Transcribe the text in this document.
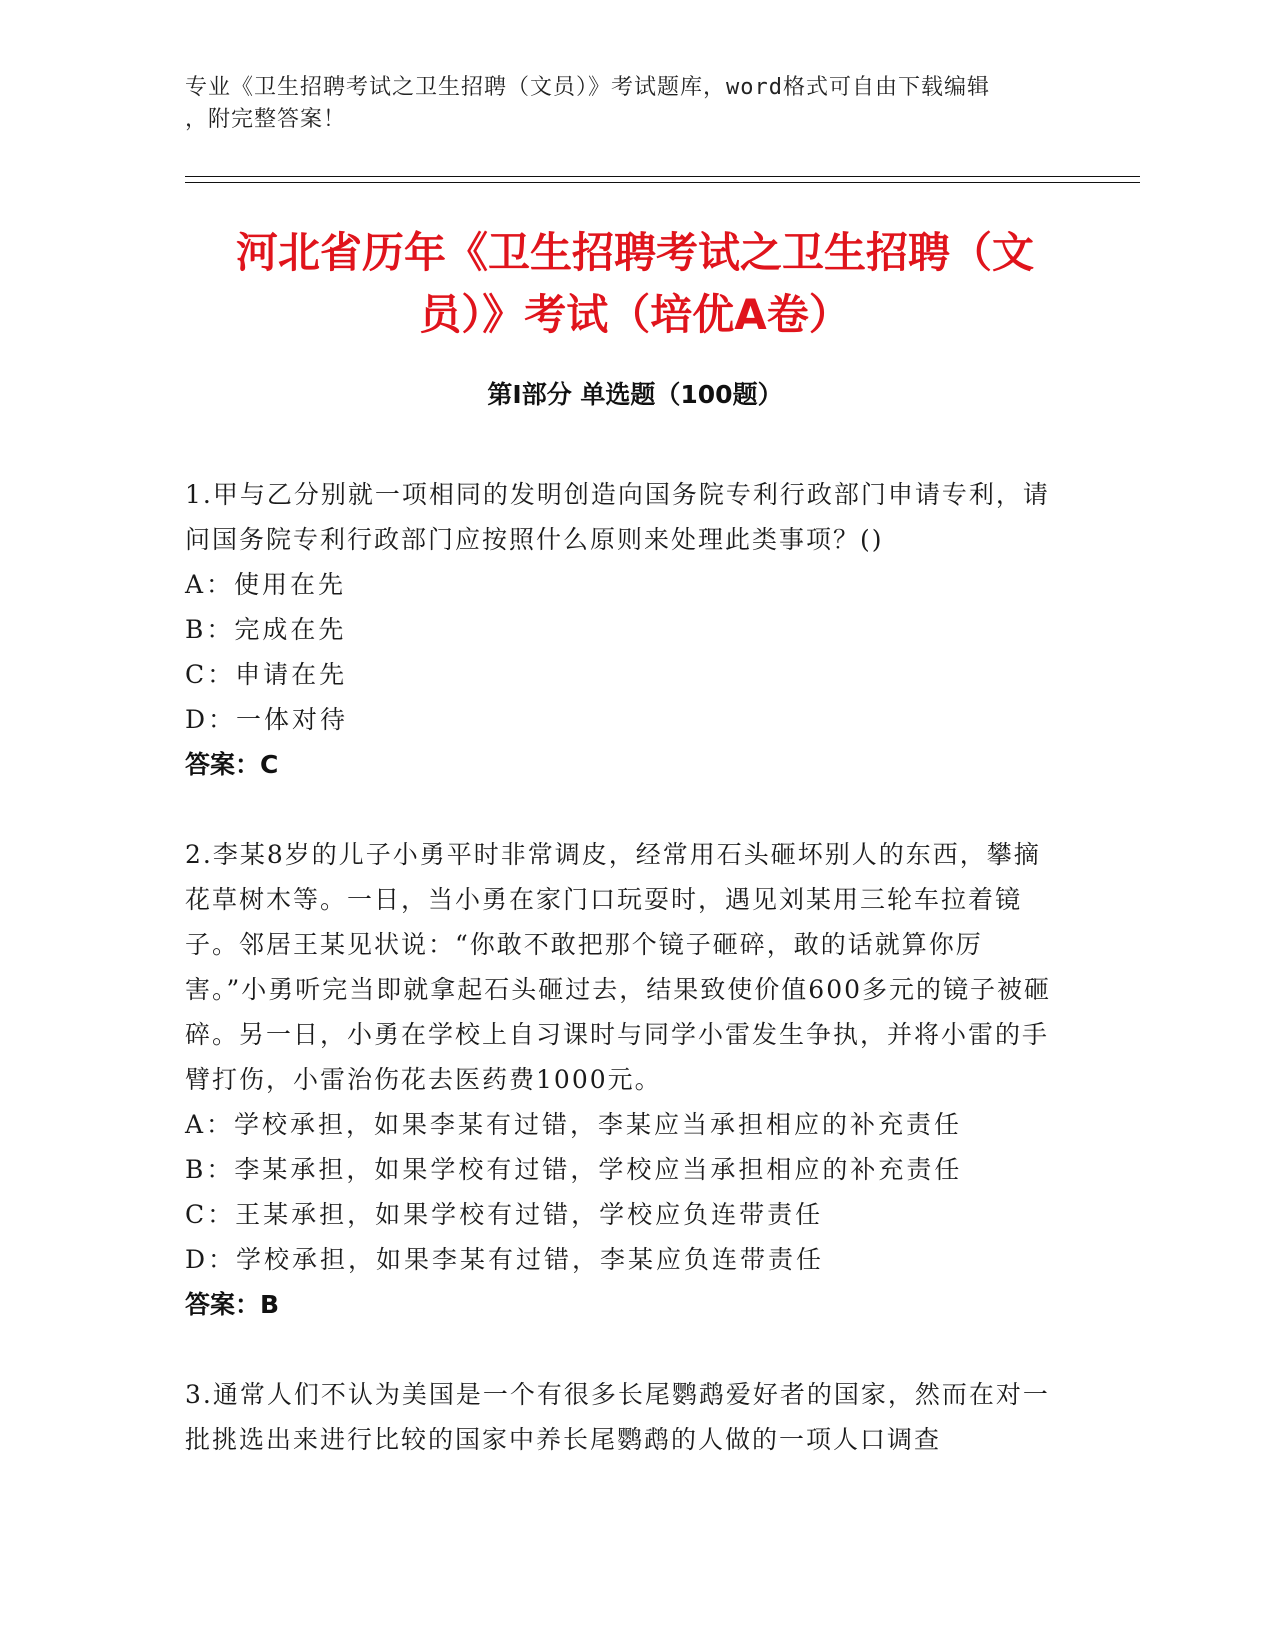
专业《卫生招聘考试之卫生招聘（文员）》考试题库，word格式可自由下载编辑
，附完整答案！
河北省历年《卫生招聘考试之卫生招聘（文
员）》考试（培优A卷）
第Ⅰ部分 单选题（100题）
1.甲与乙分别就一项相同的发明创造向国务院专利行政部门申请专利，请问国务院专利行政部门应按照什么原则来处理此类事项？()
A：使用在先
B：完成在先
C：申请在先
D：一体对待
答案：C
2.李某8岁的儿子小勇平时非常调皮，经常用石头砸坏别人的东西，攀摘花草树木等。一日，当小勇在家门口玩耍时，遇见刘某用三轮车拉着镜子。邻居王某见状说：“你敢不敢把那个镜子砸碎，敢的话就算你厉害。”小勇听完当即就拿起石头砸过去，结果致使价值600多元的镜子被砸碎。另一日，小勇在学校上自习课时与同学小雷发生争执，并将小雷的手臂打伤，小雷治伤花去医药费1000元。
A：学校承担，如果李某有过错，李某应当承担相应的补充责任
B：李某承担，如果学校有过错，学校应当承担相应的补充责任
C：王某承担，如果学校有过错，学校应负连带责任
D：学校承担，如果李某有过错，李某应负连带责任
答案：B
3.通常人们不认为美国是一个有很多长尾鹦鹉爱好者的国家，然而在对一批挑选出来进行比较的国家中养长尾鹦鹉的人做的一项人口调查
